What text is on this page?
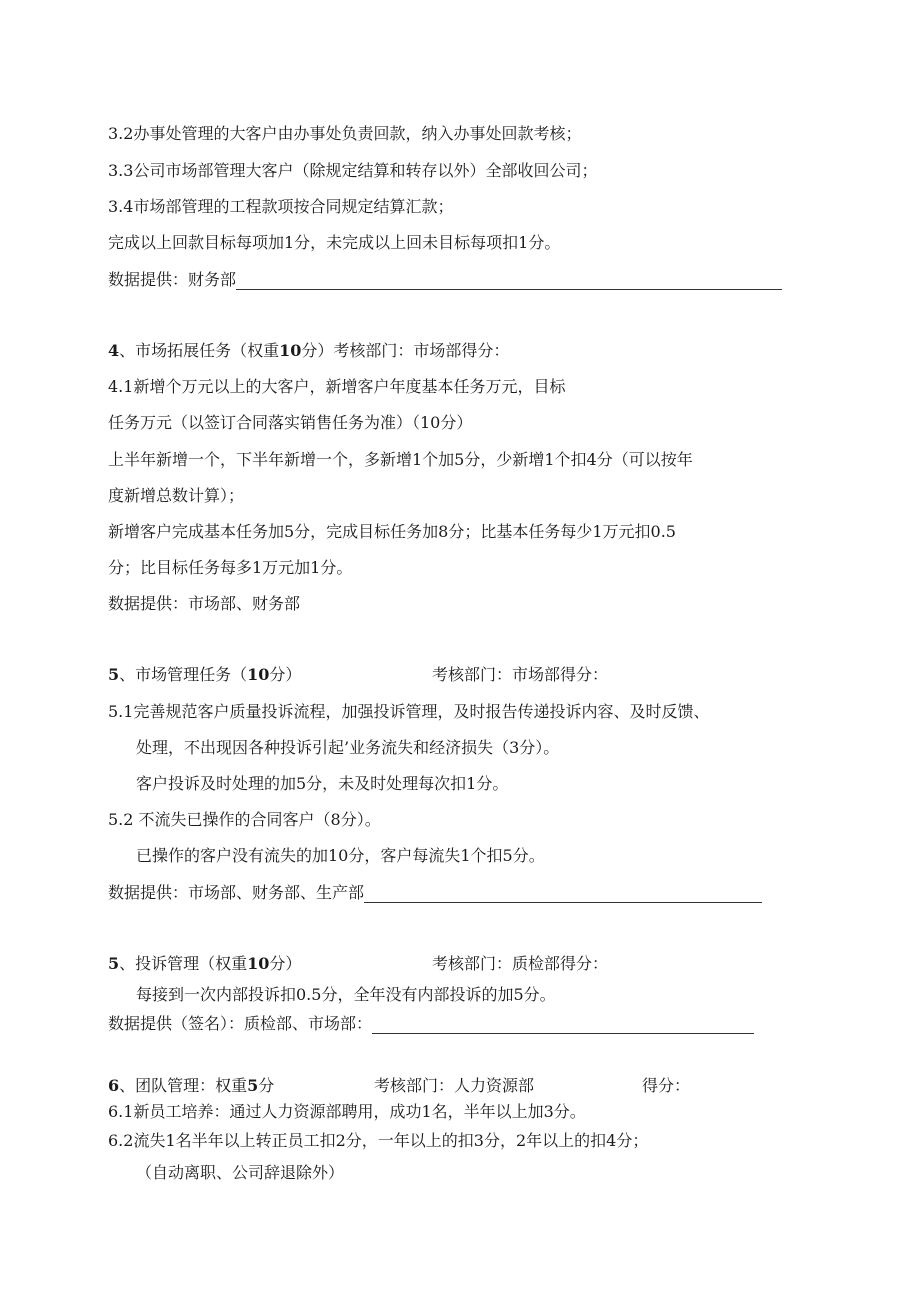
3.2办事处管理的大客户由办事处负责回款，纳入办事处回款考核；
3.3公司市场部管理大客户（除规定结算和转存以外）全部收回公司；
3.4市场部管理的工程款项按合同规定结算汇款；
完成以上回款目标每项加1分，未完成以上回未目标每项扣1分。
数据提供：财务部
4、市场拓展任务（权重10分）考核部门：市场部得分：
4.1新增个万元以上的大客户，新增客户年度基本任务万元，目标
任务万元（以签订合同落实销售任务为准）（10分）
上半年新增一个，下半年新增一个，多新增1个加5分，少新增1个扣4分（可以按年
度新增总数计算）；
新增客户完成基本任务加5分，完成目标任务加8分；比基本任务每少1万元扣0.5
分；比目标任务每多1万元加1分。
数据提供：市场部、财务部
5、市场管理任务（10分）	考核部门：市场部得分：
5.1完善规范客户质量投诉流程，加强投诉管理，及时报告传递投诉内容、及时反馈、
处理，不出现因各种投诉引起’业务流失和经济损失（3分）。
客户投诉及时处理的加5分，未及时处理每次扣1分。
5.2 不流失已操作的合同客户（8分）。
已操作的客户没有流失的加10分，客户每流失1个扣5分。
数据提供：市场部、财务部、生产部
5、投诉管理（权重10分）	考核部门：质检部得分：
每接到一次内部投诉扣0.5分，全年没有内部投诉的加5分。
数据提供（签名）：质检部、市场部：
6、团队管理：权重5分	考核部门：人力资源部	得分：
6.1新员工培养：通过人力资源部聘用，成功1名，半年以上加3分。
6.2流失1名半年以上转正员工扣2分，一年以上的扣3分，2年以上的扣4分；
（自动离职、公司辞退除外）
